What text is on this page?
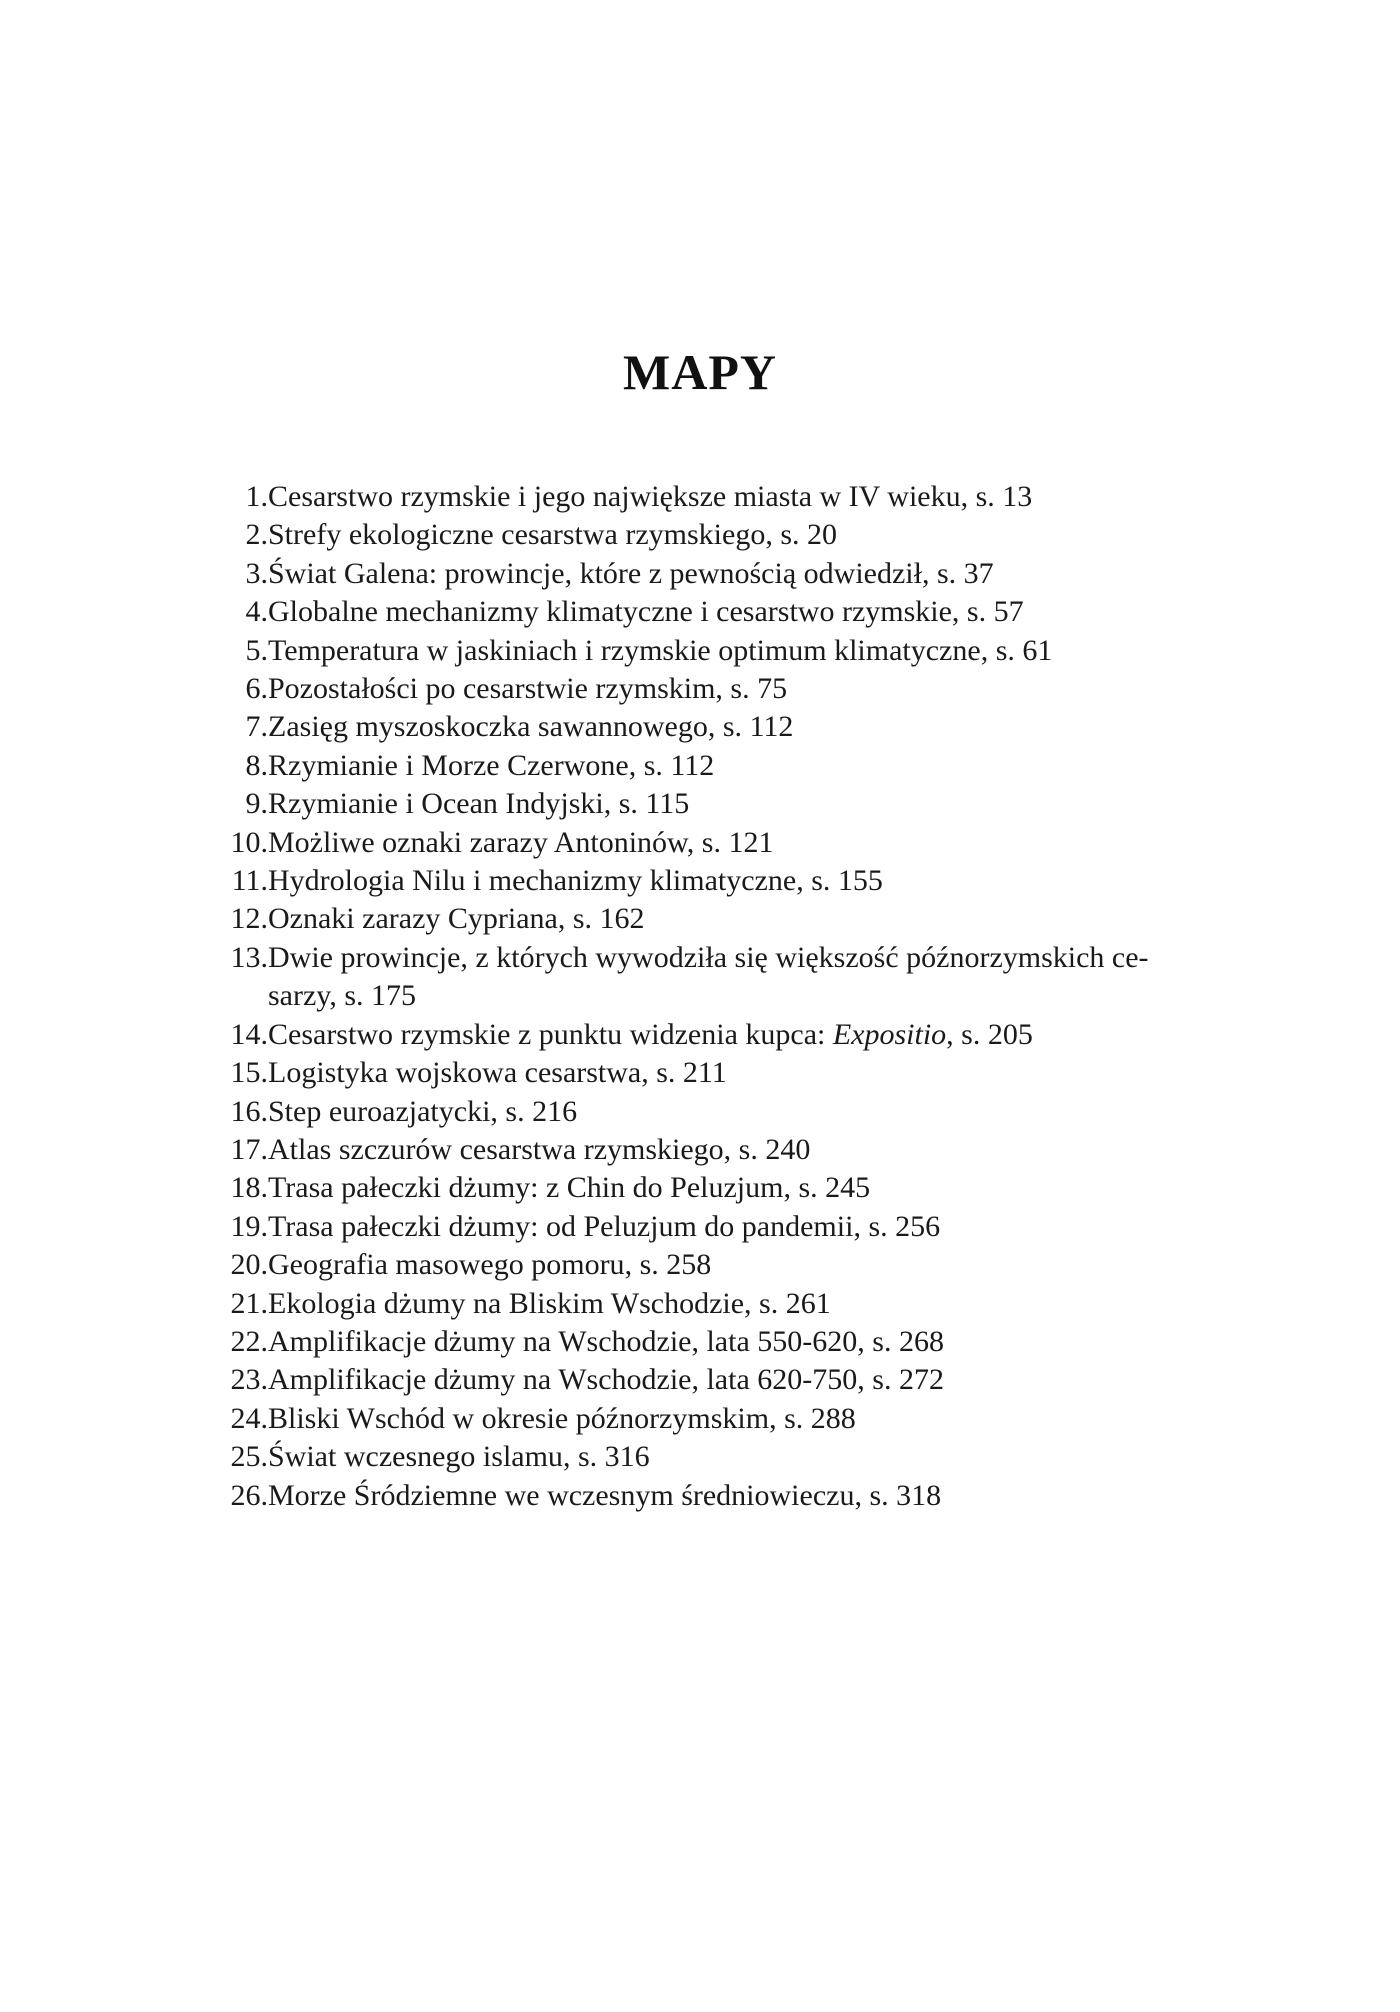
MAPY
1. Cesarstwo rzymskie i jego największe miasta w IV wieku, s. 13
2. Strefy ekologiczne cesarstwa rzymskiego, s. 20
3. Świat Galena: prowincje, które z pewnością odwiedził, s. 37
4. Globalne mechanizmy klimatyczne i cesarstwo rzymskie, s. 57
5. Temperatura w jaskiniach i rzymskie optimum klimatyczne, s. 61
6. Pozostałości po cesarstwie rzymskim, s. 75
7. Zasięg myszoskoczka sawannowego, s. 112
8. Rzymianie i Morze Czerwone, s. 112
9. Rzymianie i Ocean Indyjski, s. 115
10. Możliwe oznaki zarazy Antoninów, s. 121
11. Hydrologia Nilu i mechanizmy klimatyczne, s. 155
12. Oznaki zarazy Cypriana, s. 162
13. Dwie prowincje, z których wywodziła się większość późnorzymskich ce-
sarzy, s. 175
14. Cesarstwo rzymskie z punktu widzenia kupca: Expositio, s. 205
15. Logistyka wojskowa cesarstwa, s. 211
16. Step euroazjatycki, s. 216
17. Atlas szczurów cesarstwa rzymskiego, s. 240
18. Trasa pałeczki dżumy: z Chin do Peluzjum, s. 245
19. Trasa pałeczki dżumy: od Peluzjum do pandemii, s. 256
20. Geografia masowego pomoru, s. 258
21. Ekologia dżumy na Bliskim Wschodzie, s. 261
22. Amplifikacje dżumy na Wschodzie, lata 550-620, s. 268
23. Amplifikacje dżumy na Wschodzie, lata 620-750, s. 272
24. Bliski Wschód w okresie późnorzymskim, s. 288
25. Świat wczesnego islamu, s. 316
26. Morze Śródziemne we wczesnym średniowieczu, s. 318
